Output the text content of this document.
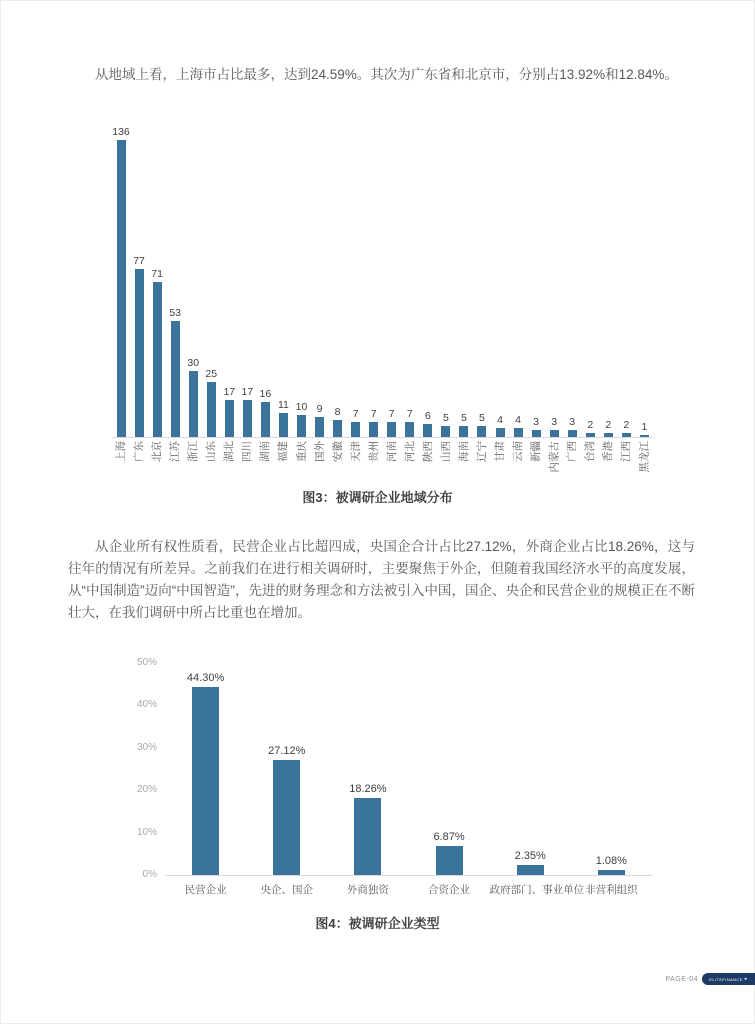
从地域上看，上海市占比最多，达到24.59%。其次为广东省和北京市，分别占13.92%和12.84%。

136
77
71
53
30
25
17 17 16
11 10 9 8 7 7 7 7 6 5 5 5 4 4 3 3 3 2 2 2 1
上海 广东 北京 江苏 浙江 山东 湖北 四川 湖南 福建 重庆 国外 安徽 天津 贵州 河南 河北 陕西 山西 海南 辽宁 甘肃 云南 新疆 内蒙古 广西 台湾 香港 江西 黑龙江
图3：被调研企业地域分布

从企业所有权性质看，民营企业占比超四成，央国企合计占比27.12%，外商企业占比18.26%，这与往年的情况有所差异。之前我们在进行相关调研时，主要聚焦于外企，但随着我国经济水平的高度发展，从“中国制造”迈向“中国智造”，先进的财务理念和方法被引入中国，国企、央企和民营企业的规模正在不断壮大，在我们调研中所占比重也在增加。

0%
10%
20%
30%
40%
50%
44.30%
27.12%
18.26%
6.87%
2.35%	1.08%
民营企业	央企、国企	外商独资	合资企业	政府部门、事业单位 非营利组织
图4：被调研企业类型
PAGE-04	ELITEFINANCE ▸
